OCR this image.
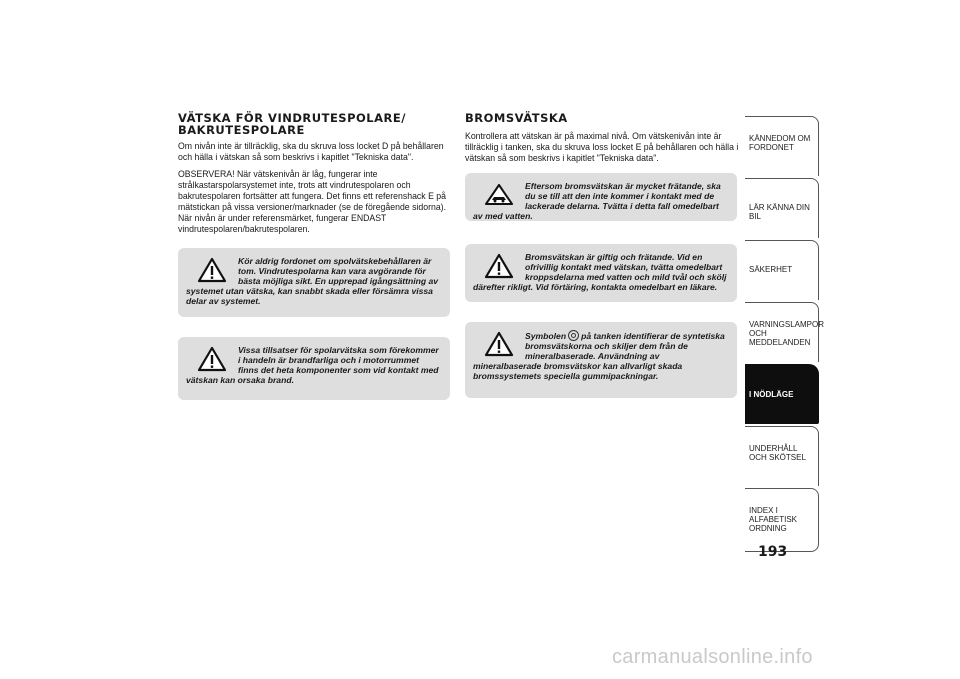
VÄTSKA FÖR VINDRUTESPOLARE/
BAKRUTESPOLARE

Om nivån inte är tillräcklig, ska du skruva loss locket D på behållaren och hälla i vätskan så som beskrivs i kapitlet "Tekniska data".

OBSERVERA! När vätskenivån är låg, fungerar inte strålkastarspolarsystemet inte, trots att vindrutespolaren och bakrutespolaren fortsätter att fungera. Det finns ett referenshack E på mätstickan på vissa versioner/marknader (se de föregående sidorna). När nivån är under referensmärket, fungerar ENDAST vindrutespolaren/bakrutespolaren.

Kör aldrig fordonet om spolvätskebehållaren är tom. Vindrutespolarna kan vara avgörande för bästa möjliga sikt. En upprepad igångsättning av systemet utan vätska, kan snabbt skada eller försämra vissa delar av systemet.
Vissa tillsatser för spolarvätska som förekommer i handeln är brandfarliga och i motorrummet finns det heta komponenter som vid kontakt med vätskan kan orsaka brand.
BROMSVÄTSKA

Kontrollera att vätskan är på maximal nivå. Om vätskenivån inte är tillräcklig i tanken, ska du skruva loss locket E på behållaren och hälla i vätskan så som beskrivs i kapitlet "Tekniska data".

Eftersom bromsvätskan är mycket frätande, ska du se till att den inte kommer i kontakt med de lackerade delarna. Tvätta i detta fall omedelbart av med vatten.
Bromsvätskan är giftig och frätande. Vid en ofrivillig kontakt med vätskan, tvätta omedelbart kroppsdelarna med vatten och mild tvål och skölj därefter rikligt. Vid förtäring, kontakta omedelbart en läkare.
Symbolen på tanken identifierar de syntetiska bromsvätskorna och skiljer dem från de mineralbaserade. Användning av mineralbaserade bromsvätskor kan allvarligt skada bromssystemets speciella gummipackningar.
KÄNNEDOM OM FORDONET
LÄR KÄNNA DIN BIL
SÄKERHET
VARNINGSLAMPOR OCH MEDDELANDEN
I NÖDLÄGE
UNDERHÅLL OCH SKÖTSEL
INDEX I ALFABETISK ORDNING
193
carmanualsonline.info
